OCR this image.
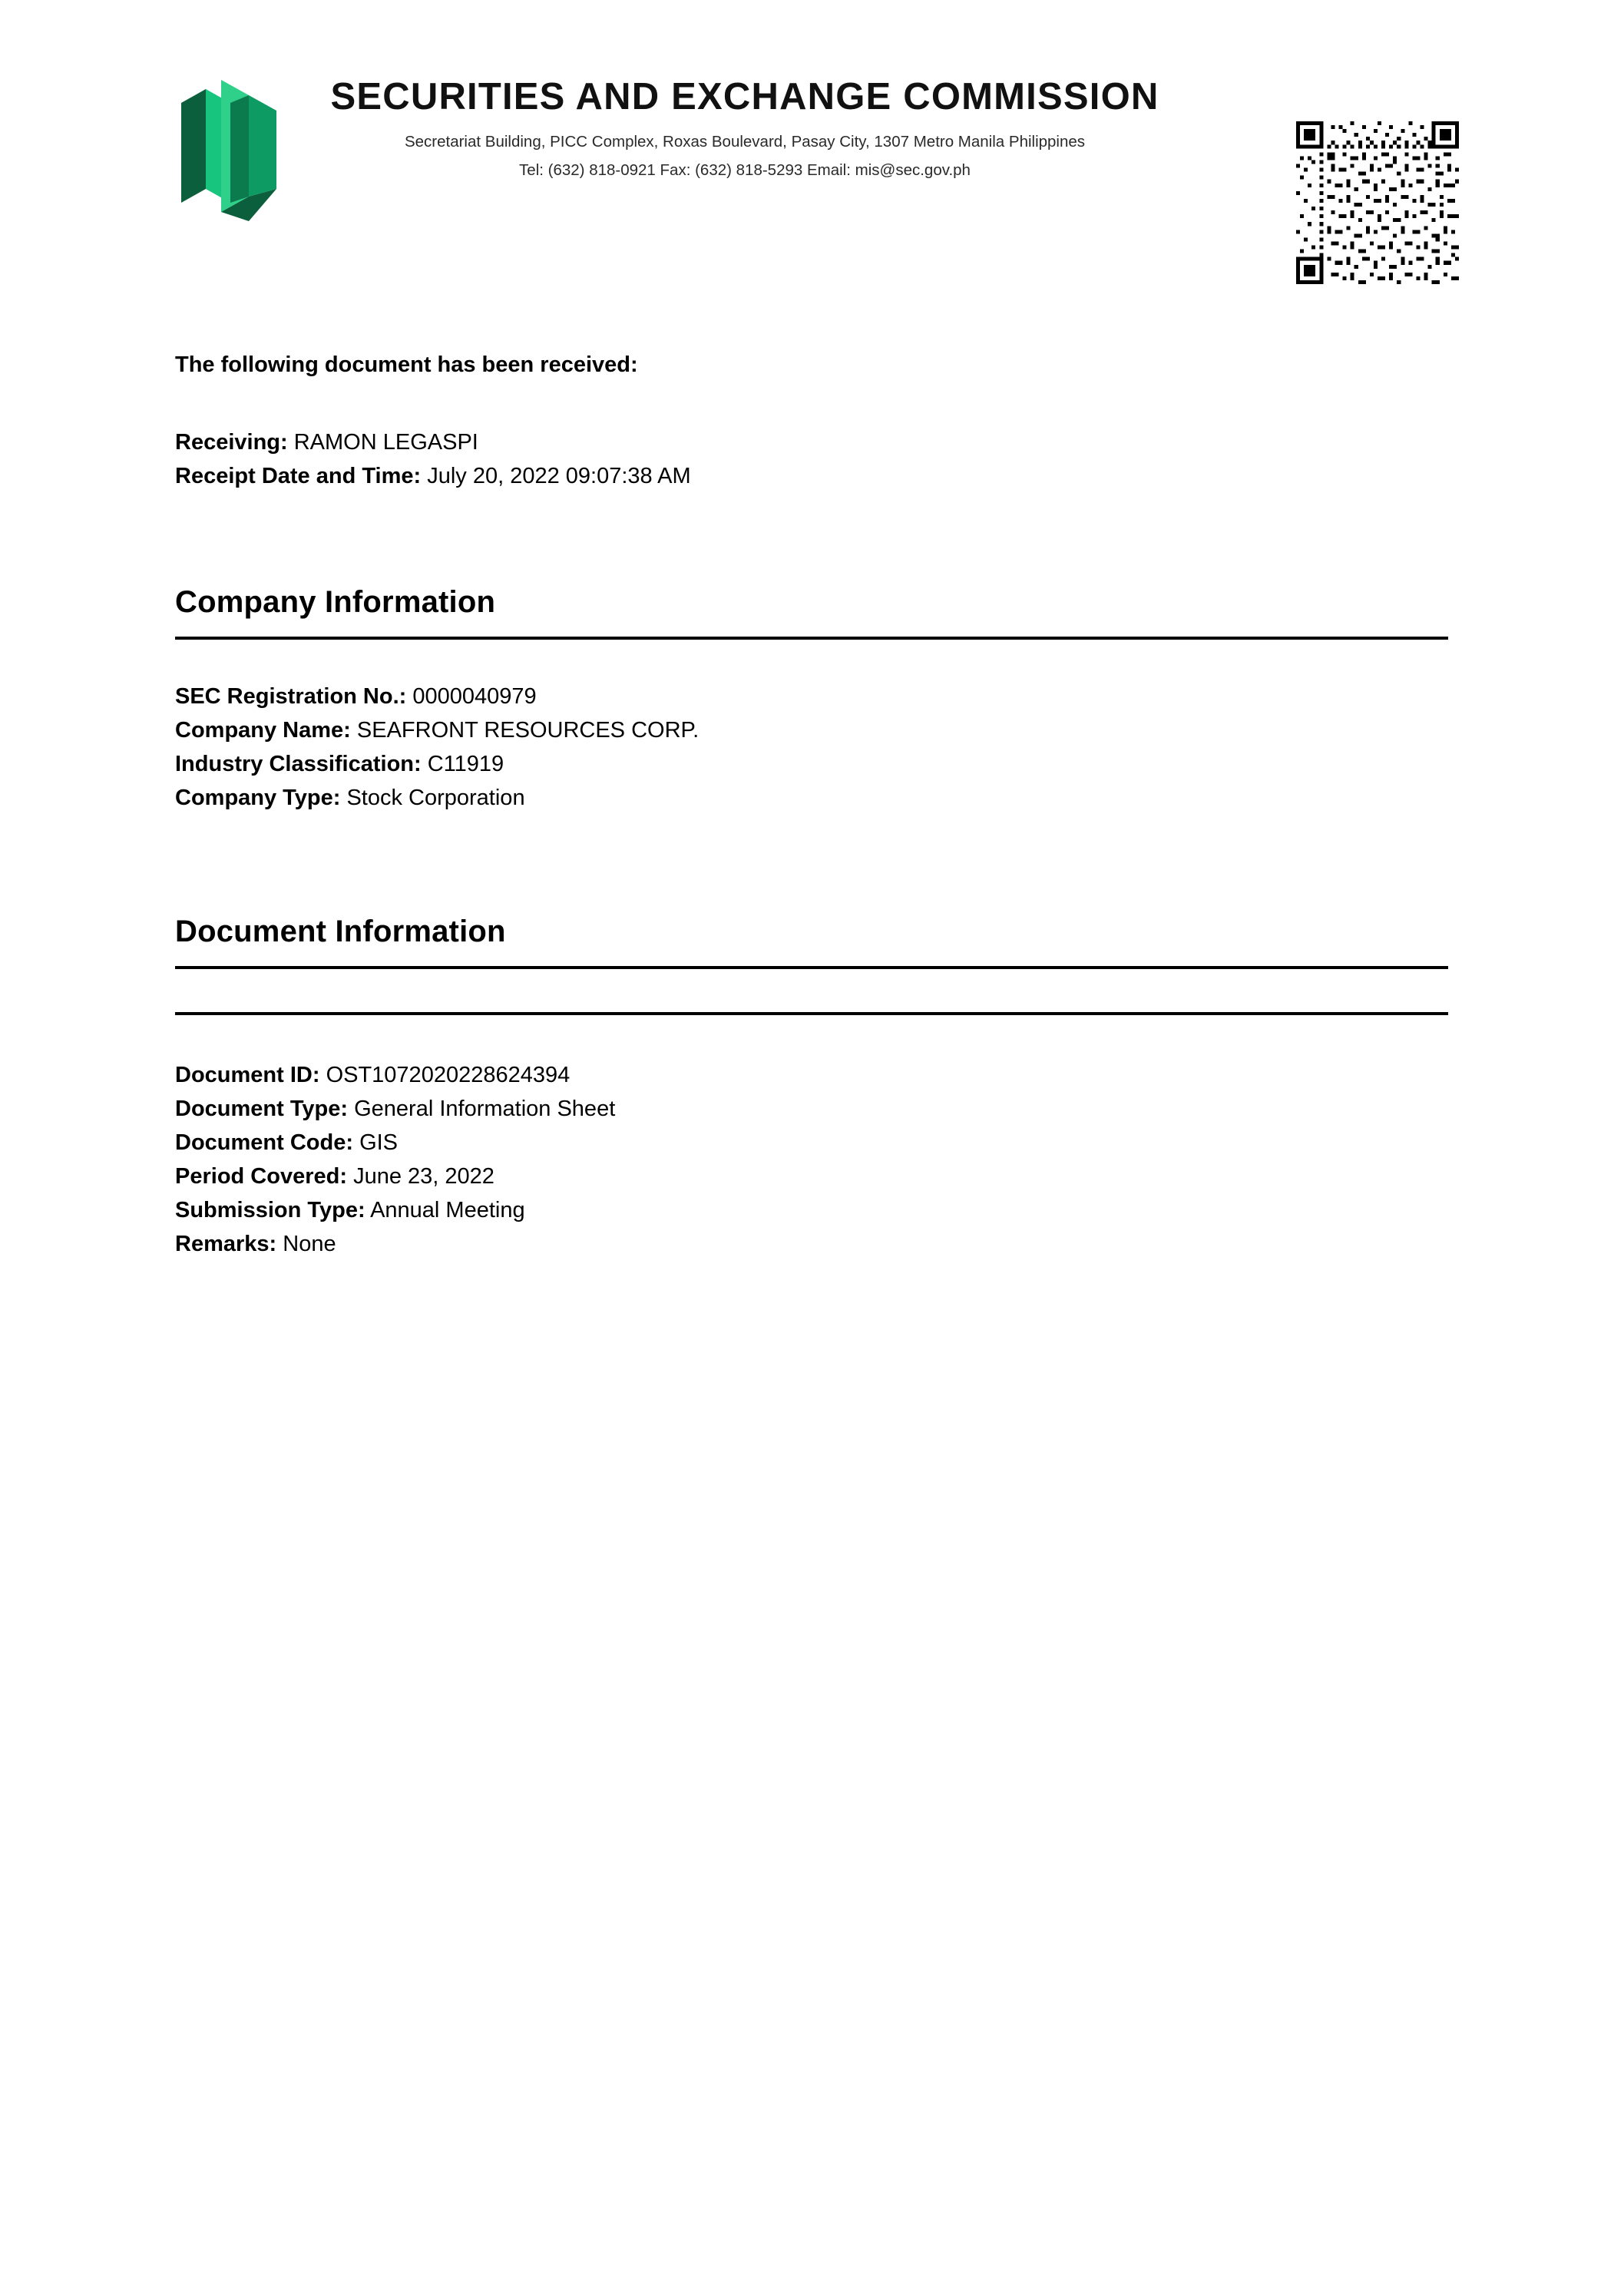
SECURITIES AND EXCHANGE COMMISSION
Secretariat Building, PICC Complex, Roxas Boulevard, Pasay City, 1307 Metro Manila Philippines
Tel: (632) 818-0921 Fax: (632) 818-5293 Email: mis@sec.gov.ph

The following document has been received:

Receiving: RAMON LEGASPI

Receipt Date and Time: July 20, 2022 09:07:38 AM

Company Information

SEC Registration No.: 0000040979

Company Name: SEAFRONT RESOURCES CORP.

Industry Classification: C11919

Company Type: Stock Corporation

Document Information

Document ID: OST1072020228624394

Document Type: General Information Sheet

Document Code: GIS

Period Covered: June 23, 2022

Submission Type: Annual Meeting

Remarks: None
